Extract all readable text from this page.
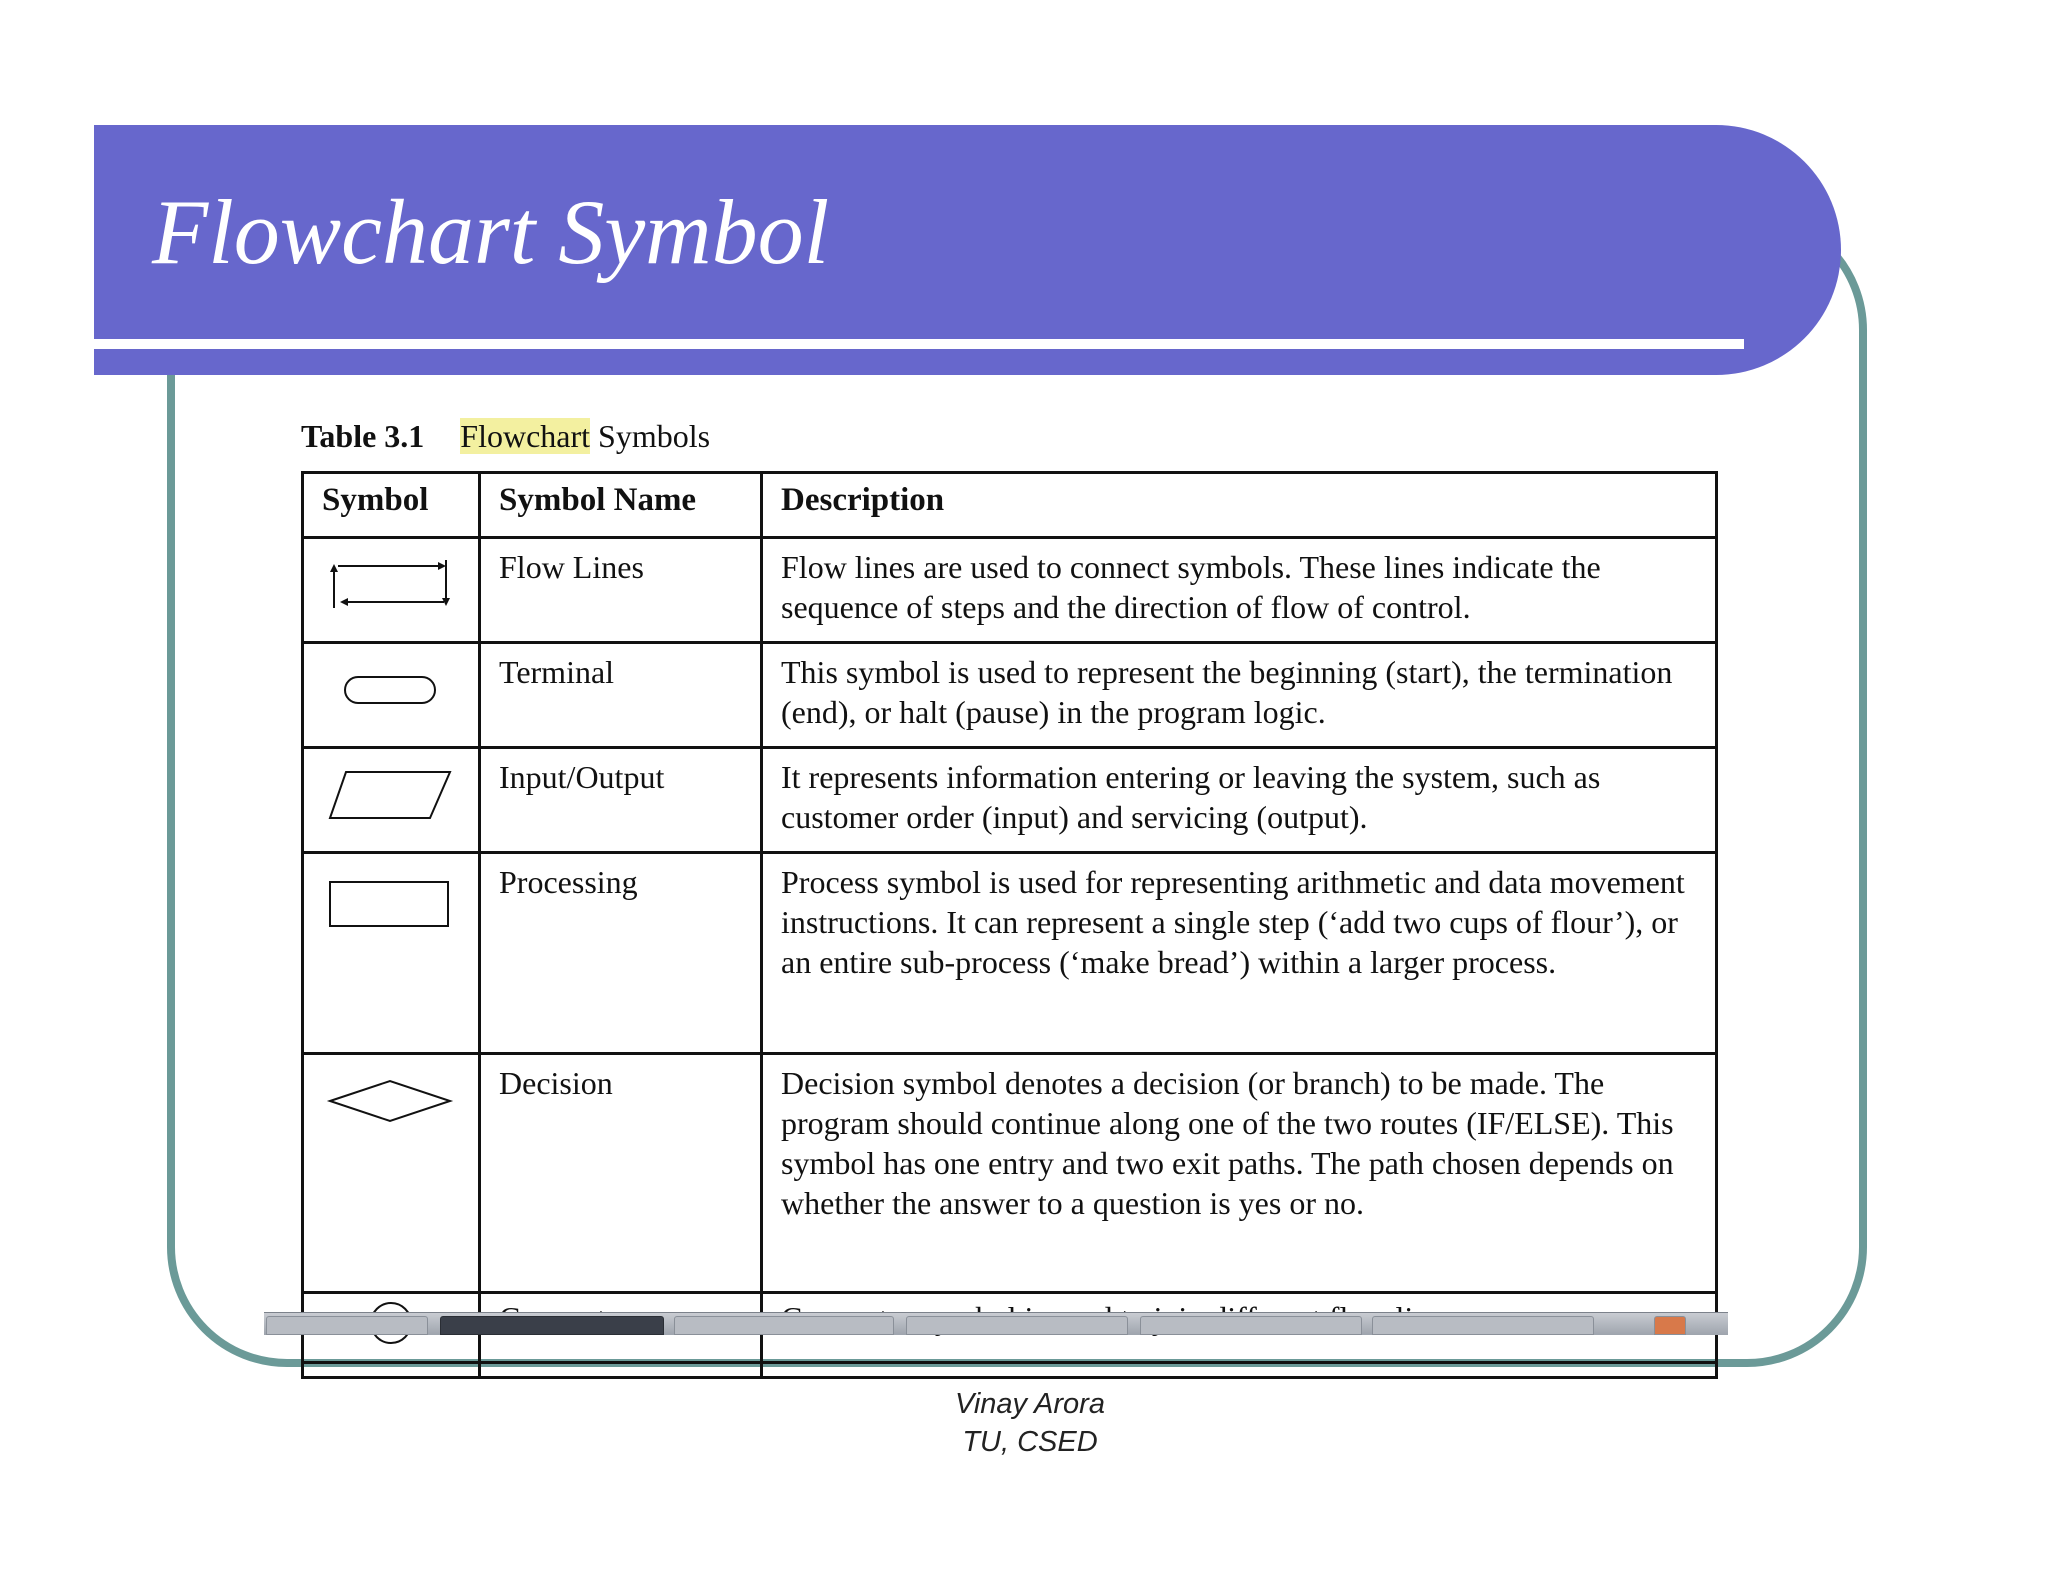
Flowchart Symbol
Table 3.1 Flowchart Symbols
Symbol	Symbol Name	Description
	Flow Lines	Flow lines are used to connect symbols. These lines indicate the sequence of steps and the direction of flow of control.
	Terminal	This symbol is used to represent the beginning (start), the termination (end), or halt (pause) in the program logic.
	Input/Output	It represents information entering or leaving the system, such as customer order (input) and servicing (output).
	Processing	Process symbol is used for representing arithmetic and data movement instructions. It can represent a single step (‘add two cups of flour’), or an entire sub-process (‘make bread’) within a larger process.
	Decision	Decision symbol denotes a decision (or branch) to be made. The program should continue along one of the two routes (IF/ELSE). This symbol has one entry and two exit paths. The path chosen depends on whether the answer to a question is yes or no.

Vinay Arora
TU, CSED
